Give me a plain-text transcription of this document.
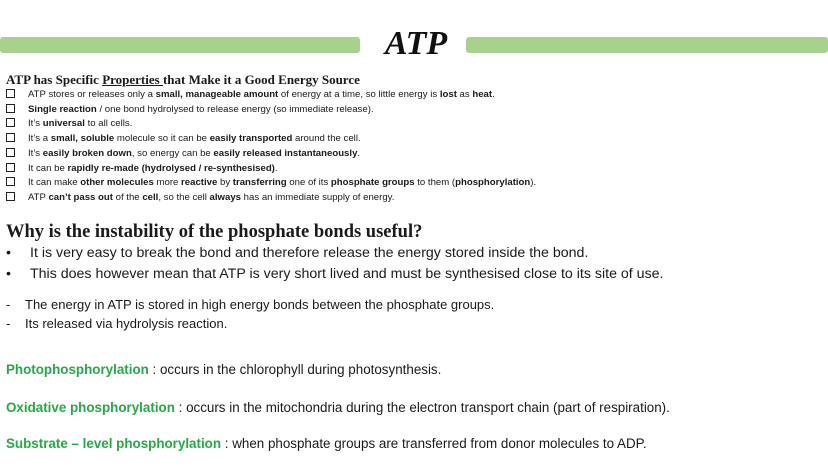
ATP
ATP has Specific Properties that Make it a Good Energy Source
ATP stores or releases only a small, manageable amount of energy at a time, so little energy is lost as heat.
Single reaction / one bond hydrolysed to release energy (so immediate release).
It’s universal to all cells.
It’s a small, soluble molecule so it can be easily transported around the cell.
It’s easily broken down, so energy can be easily released instantaneously.
It can be rapidly re-made (hydrolysed / re-synthesised).
It can make other molecules more reactive by transferring one of its phosphate groups to them (phosphorylation).
ATP can’t pass out of the cell, so the cell always has an immediate supply of energy.
Why is the instability of the phosphate bonds useful?
• It is very easy to break the bond and therefore release the energy stored inside the bond.
• This does however mean that ATP is very short lived and must be synthesised close to its site of use.
- The energy in ATP is stored in high energy bonds between the phosphate groups.
- Its released via hydrolysis reaction.
Photophosphorylation : occurs in the chlorophyll during photosynthesis.
Oxidative phosphorylation : occurs in the mitochondria during the electron transport chain (part of respiration).
Substrate – level phosphorylation : when phosphate groups are transferred from donor molecules to ADP.
